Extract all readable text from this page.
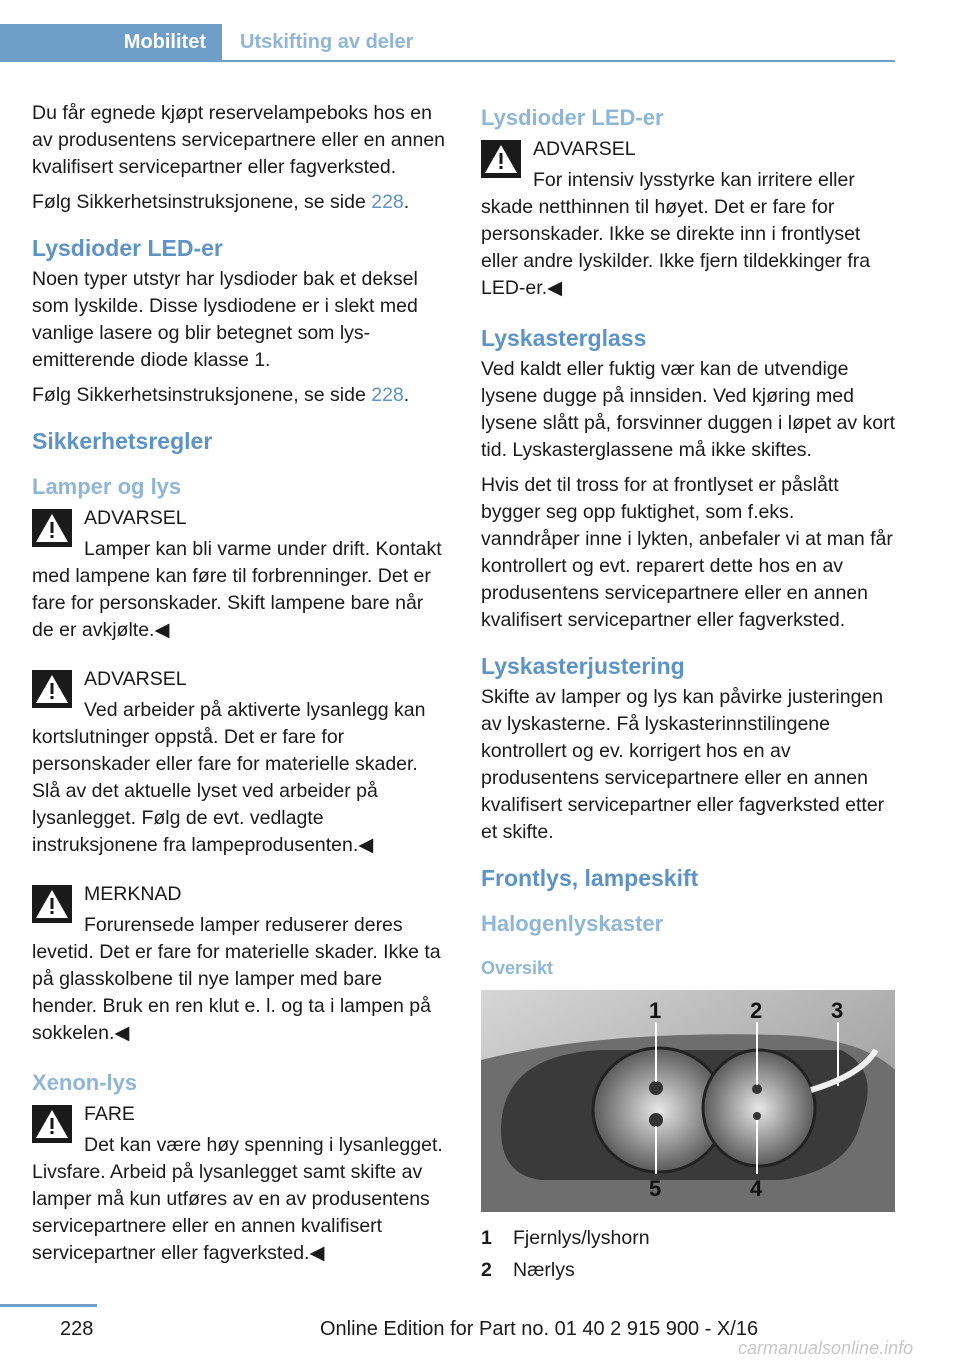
Mobilitet	Utskifting av deler

Du får egnede kjøpt reservelampeboks hos en av produsentens servicepartnere eller en annen kvalifisert servicepartner eller fagverksted.

Følg Sikkerhetsinstruksjonene, se side 228.

Lysdioder LED-er

Noen typer utstyr har lysdioder bak et deksel som lyskilde. Disse lysdiodene er i slekt med vanlige lasere og blir betegnet som lys-emitterende diode klasse 1.

Følg Sikkerhetsinstruksjonene, se side 228.

Sikkerhetsregler
Lamper og lys
ADVARSEL

Lamper kan bli varme under drift. Kontakt med lampene kan føre til forbrenninger. Det er fare for personskader. Skift lampene bare når de er avkjølte.◀

ADVARSEL

Ved arbeider på aktiverte lysanlegg kan kortslutninger oppstå. Det er fare for personskader eller fare for materielle skader. Slå av det aktuelle lyset ved arbeider på lysanlegget. Følg de evt. vedlagte instruksjonene fra lampeprodusenten.◀

MERKNAD

Forurensede lamper reduserer deres levetid. Det er fare for materielle skader. Ikke ta på glasskolbene til nye lamper med bare hender. Bruk en ren klut e. l. og ta i lampen på sokkelen.◀

Xenon-lys
FARE

Det kan være høy spenning i lysanlegget. Livsfare. Arbeid på lysanlegget samt skifte av lamper må kun utføres av en av produsentens servicepartnere eller en annen kvalifisert servicepartner eller fagverksted.◀

Lysdioder LED-er
ADVARSEL

For intensiv lysstyrke kan irritere eller skade netthinnen til høyet. Det er fare for personskader. Ikke se direkte inn i frontlyset eller andre lyskilder. Ikke fjern tildekkinger fra LED-er.◀

Lyskasterglass

Ved kaldt eller fuktig vær kan de utvendige lysene dugge på innsiden. Ved kjøring med lysene slått på, forsvinner duggen i løpet av kort tid. Lyskasterglassene må ikke skiftes.

Hvis det til tross for at frontlyset er påslått bygger seg opp fuktighet, som f.eks. vanndråper inne i lykten, anbefaler vi at man får kontrollert og evt. reparert dette hos en av produsentens servicepartnere eller en annen kvalifisert servicepartner eller fagverksted.

Lyskasterjustering

Skifte av lamper og lys kan påvirke justeringen av lyskasterne. Få lyskasterinnstilingene kontrollert og ev. korrigert hos en av produsentens servicepartnere eller en annen kvalifisert servicepartner eller fagverksted etter et skifte.

Frontlys, lampeskift
Halogenlyskaster
Oversikt
1	2	3
4
5
1	Fjernlys/lyshorn
2	Nærlys
228	Online Edition for Part no. 01 40 2 915 900 - X/16
carmanualsonline.info
